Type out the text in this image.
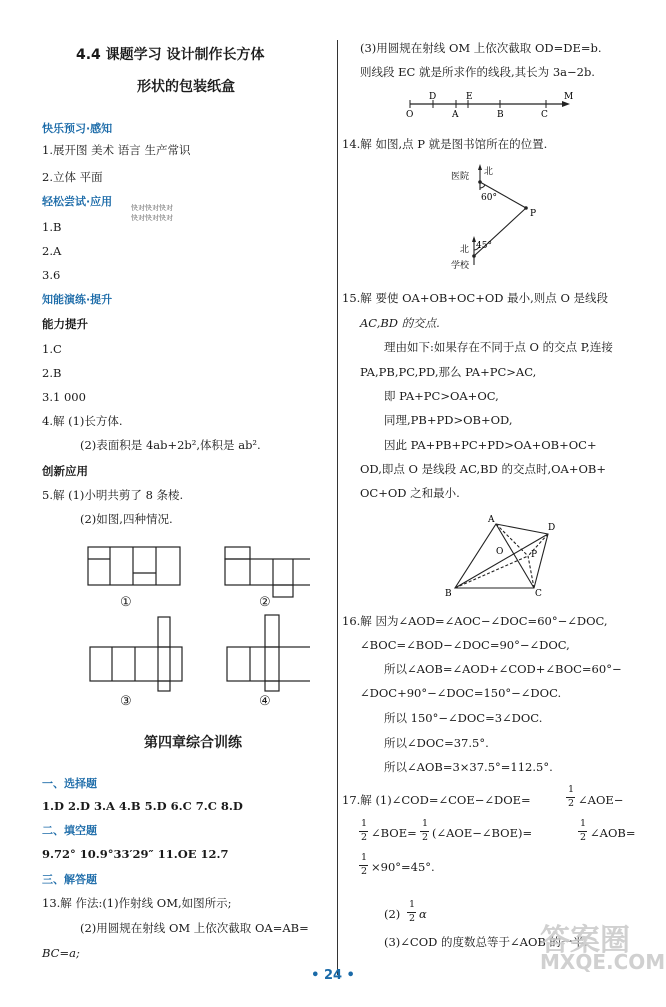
4.4 课题学习 设计制作长方体
形状的包装纸盒
快乐预习·感知
1.展开图 美术 语言 生产常识
2.立体 平面
轻松尝试·应用	快对快对快对
快对快对快对
1.B
2.A
3.6
知能演练·提升
能力提升
1.C
2.B
3.1 000
4.解 (1)长方体.
(2)表面积是 4ab+2b²,体积是 ab².
创新应用
5.解 (1)小明共剪了 8 条棱.
(2)如图,四种情况.
①	②
③	④
第四章综合训练
一、选择题
1.D 2.D 3.A 4.B 5.D 6.C 7.C 8.D
二、填空题
9.72° 10.9°33′29″ 11.OE 12.7
三、解答题
13.解 作法:(1)作射线 OM,如图所示;
(2)用圆规在射线 OM 上依次截取 OA=AB=
BC=a;
(3)用圆规在射线 OM 上依次截取 OD=DE=b.
则线段 EC 就是所求作的线段,其长为 3a−2b.
O
D
A
E
B	C
M
14.解 如图,点 P 就是图书馆所在的位置.
医院 北
60°
P
北 45°
学校
15.解 要使 OA+OB+OC+OD 最小,则点 O 是线段
AC,BD 的交点.
理由如下:如果存在不同于点 O 的交点 P,连接
PA,PB,PC,PD,那么 PA+PC>AC,
即 PA+PC>OA+OC,
同理,PB+PD>OB+OD,
因此 PA+PB+PC+PD>OA+OB+OC+
OD,即点 O 是线段 AC,BD 的交点时,OA+OB+
OC+OD 之和最小.
A
D
O	P
B	C
16.解 因为∠AOD=∠AOC−∠DOC=60°−∠DOC,
∠BOC=∠BOD−∠DOC=90°−∠DOC,
所以∠AOB=∠AOD+∠COD+∠BOC=60°−
∠DOC+90°−∠DOC=150°−∠DOC.
所以 150°−∠DOC=3∠DOC.
所以∠DOC=37.5°.
所以∠AOB=3×37.5°=112.5°.
17.解 (1)∠COD=∠COE−∠DOE=
1
2 ∠AOE−
1
2 ∠BOE=
1
2 (∠AOE−∠BOE)=
1
2 ∠AOB=
1
2 ×90°=45°.
(2)
1
2 α
(3)∠COD 的度数总等于∠AOB 的一半.
答案圈
MXQE.COM
• 24 •
